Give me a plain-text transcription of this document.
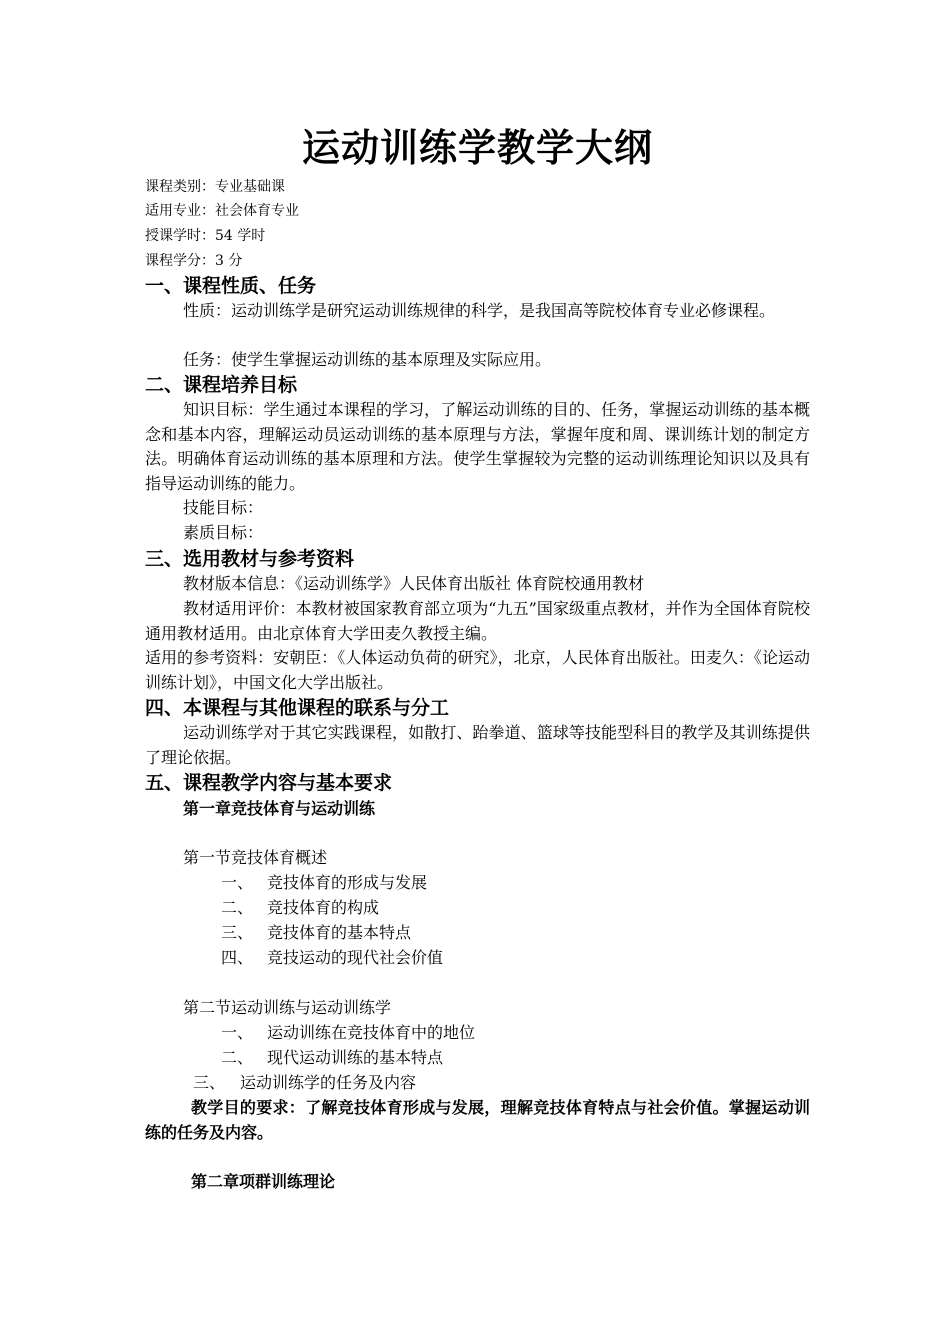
运动训练学教学大纲
课程类别：专业基础课
适用专业：社会体育专业
授课学时：54 学时
课程学分：3 分
一、课程性质、任务
性质：运动训练学是研究运动训练规律的科学，是我国高等院校体育专业必修课程。
任务：使学生掌握运动训练的基本原理及实际应用。
二、课程培养目标
知识目标：学生通过本课程的学习，了解运动训练的目的、任务，掌握运动训练的基本概念和基本内容，理解运动员运动训练的基本原理与方法，掌握年度和周、课训练计划的制定方法。明确体育运动训练的基本原理和方法。使学生掌握较为完整的运动训练理论知识以及具有指导运动训练的能力。
技能目标：
素质目标：
三、选用教材与参考资料
教材版本信息：《运动训练学》人民体育出版社 体育院校通用教材
教材适用评价：本教材被国家教育部立项为“九五”国家级重点教材，并作为全国体育院校通用教材适用。由北京体育大学田麦久教授主编。
适用的参考资料：安朝臣：《人体运动负荷的研究》，北京，人民体育出版社。田麦久：《论运动训练计划》，中国文化大学出版社。
四、本课程与其他课程的联系与分工
运动训练学对于其它实践课程，如散打、跆拳道、篮球等技能型科目的教学及其训练提供了理论依据。
五、课程教学内容与基本要求
第一章竞技体育与运动训练
第一节竞技体育概述
一、 竞技体育的形成与发展
二、 竞技体育的构成
三、 竞技体育的基本特点
四、 竞技运动的现代社会价值
第二节运动训练与运动训练学
一、 运动训练在竞技体育中的地位
二、 现代运动训练的基本特点
三、 运动训练学的任务及内容
教学目的要求：了解竞技体育形成与发展，理解竞技体育特点与社会价值。掌握运动训练的任务及内容。
第二章项群训练理论
